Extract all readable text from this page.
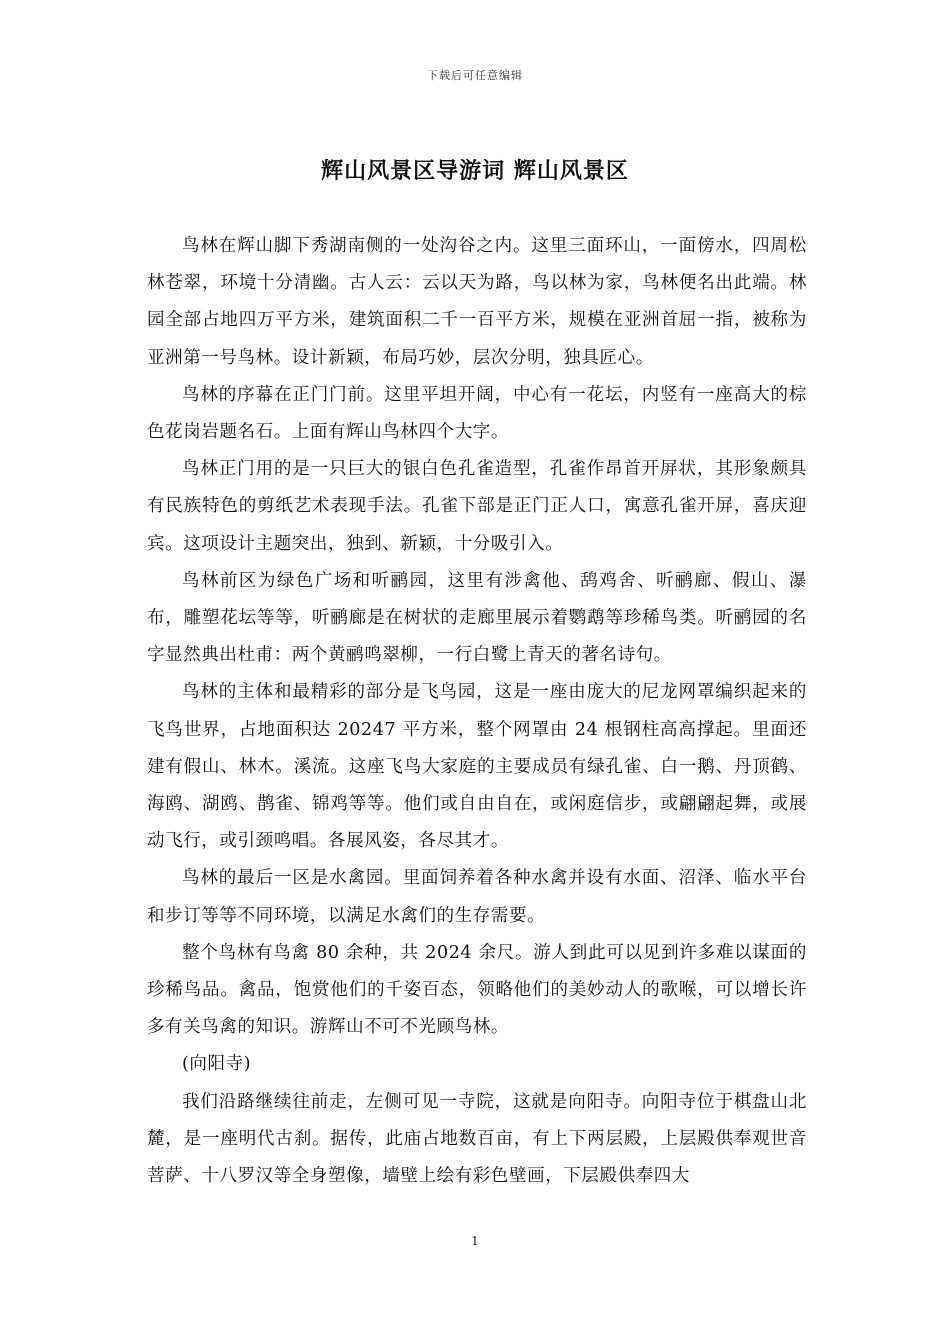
下载后可任意编辑
辉山风景区导游词 辉山风景区

鸟林在辉山脚下秀湖南侧的一处沟谷之内。这里三面环山，一面傍水，四周松林苍翠，环境十分清幽。古人云：云以天为路，鸟以林为家，鸟林便名出此端。林园全部占地四万平方米，建筑面积二千一百平方米，规模在亚洲首屈一指，被称为亚洲第一号鸟林。设计新颖，布局巧妙，层次分明，独具匠心。

鸟林的序幕在正门门前。这里平坦开阔，中心有一花坛，内竖有一座高大的棕色花岗岩题名石。上面有辉山鸟林四个大字。

鸟林正门用的是一只巨大的银白色孔雀造型，孔雀作昂首开屏状，其形象颇具有民族特色的剪纸艺术表现手法。孔雀下部是正门正人口，寓意孔雀开屏，喜庆迎宾。这项设计主题突出，独到、新颖，十分吸引入。

鸟林前区为绿色广场和听鹂园，这里有涉禽他、鸹鸡舍、听鹂廊、假山、瀑布，雕塑花坛等等，听鹂廊是在树状的走廊里展示着鹦鹉等珍稀鸟类。听鹂园的名字显然典出杜甫：两个黄鹂鸣翠柳，一行白鹭上青天的著名诗句。

鸟林的主体和最精彩的部分是飞鸟园，这是一座由庞大的尼龙网罩编织起来的飞鸟世界，占地面积达 20247 平方米，整个网罩由 24 根钢柱高高撑起。里面还建有假山、林木。溪流。这座飞鸟大家庭的主要成员有绿孔雀、白一鹅、丹顶鹤、海鸥、湖鸥、鹊雀、锦鸡等等。他们或自由自在，或闲庭信步，或翩翩起舞，或展动飞行，或引颈鸣唱。各展风姿，各尽其才。

鸟林的最后一区是水禽园。里面饲养着各种水禽并设有水面、沼泽、临水平台和步订等等不同环境，以满足水禽们的生存需要。

整个鸟林有鸟禽 80 余种，共 2024 余尺。游人到此可以见到许多难以谋面的珍稀鸟品。禽品，饱赏他们的千姿百态，领略他们的美妙动人的歌喉，可以增长许多有关鸟禽的知识。游辉山不可不光顾鸟林。

(向阳寺)

我们沿路继续往前走，左侧可见一寺院，这就是向阳寺。向阳寺位于棋盘山北麓，是一座明代古刹。据传，此庙占地数百亩，有上下两层殿，上层殿供奉观世音菩萨、十八罗汉等全身塑像，墙壁上绘有彩色壁画，下层殿供奉四大

1
